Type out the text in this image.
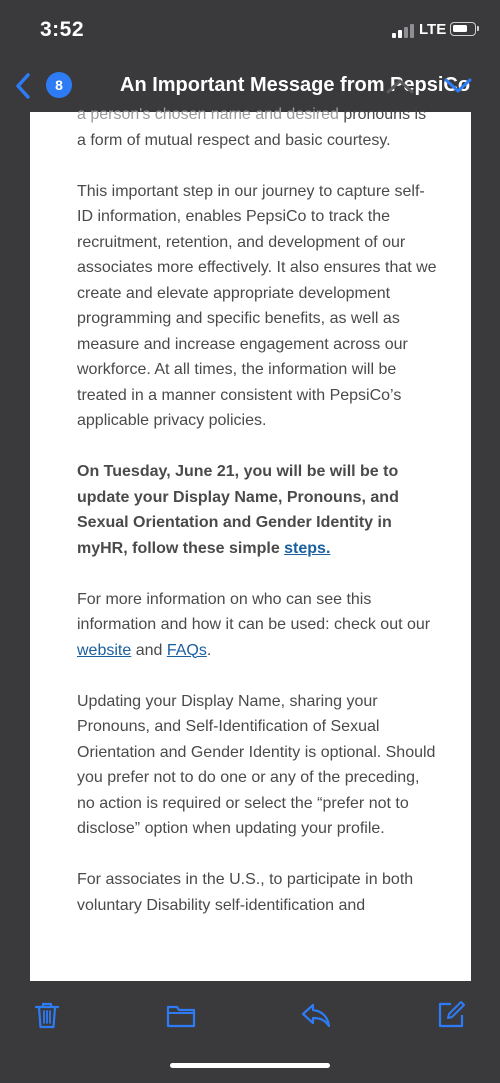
3:52	LTE
8	An Important Message from PepsiCo

a person's chosen name and desired pronouns is a form of mutual respect and basic courtesy.

This important step in our journey to capture self-ID information, enables PepsiCo to track the recruitment, retention, and development of our associates more effectively. It also ensures that we create and elevate appropriate development programming and specific benefits, as well as measure and increase engagement across our workforce. At all times, the information will be treated in a manner consistent with PepsiCo’s applicable privacy policies.

On Tuesday, June 21, you will be will be to update your Display Name, Pronouns, and Sexual Orientation and Gender Identity in myHR, follow these simple steps.

For more information on who can see this information and how it can be used: check out our website and FAQs.

Updating your Display Name, sharing your Pronouns, and Self-Identification of Sexual Orientation and Gender Identity is optional. Should you prefer not to do one or any of the preceding, no action is required or select the “prefer not to disclose” option when updating your profile.

For associates in the U.S., to participate in both voluntary Disability self-identification and
